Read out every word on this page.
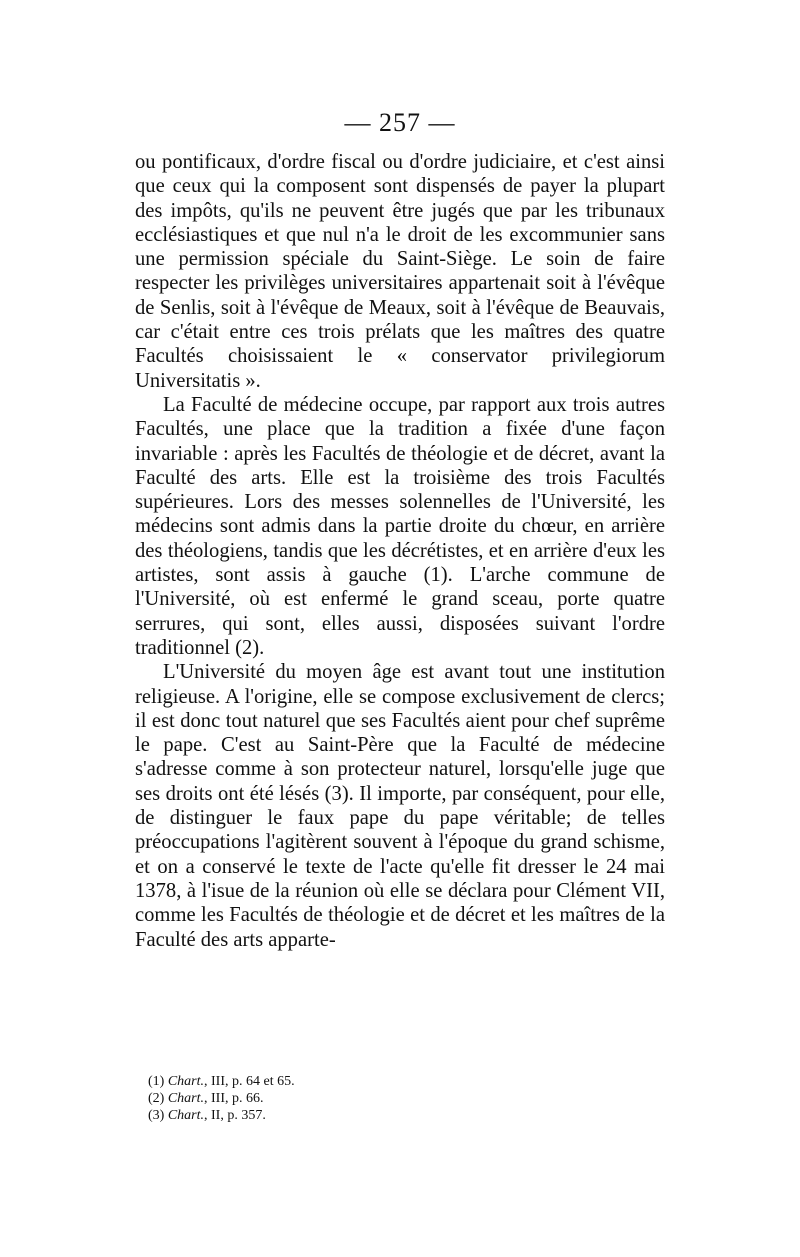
— 257 —

ou pontificaux, d'ordre fiscal ou d'ordre judiciaire, et c'est ainsi que ceux qui la composent sont dispensés de payer la plupart des impôts, qu'ils ne peuvent être jugés que par les tribunaux ecclésiastiques et que nul n'a le droit de les excommunier sans une permission spéciale du Saint-Siège. Le soin de faire respecter les privilèges universitaires appartenait soit à l'évêque de Senlis, soit à l'évêque de Meaux, soit à l'évêque de Beauvais, car c'était entre ces trois prélats que les maîtres des quatre Facultés choisissaient le « conservator privilegiorum Universitatis ».

La Faculté de médecine occupe, par rapport aux trois autres Facultés, une place que la tradition a fixée d'une façon invariable : après les Facultés de théologie et de décret, avant la Faculté des arts. Elle est la troisième des trois Facultés supérieures. Lors des messes solennelles de l'Université, les médecins sont admis dans la partie droite du chœur, en arrière des théologiens, tandis que les décrétistes, et en arrière d'eux les artistes, sont assis à gauche (1). L'arche commune de l'Université, où est enfermé le grand sceau, porte quatre serrures, qui sont, elles aussi, disposées suivant l'ordre traditionnel (2).

L'Université du moyen âge est avant tout une institution religieuse. A l'origine, elle se compose exclusivement de clercs; il est donc tout naturel que ses Facultés aient pour chef suprême le pape. C'est au Saint-Père que la Faculté de médecine s'adresse comme à son protecteur naturel, lorsqu'elle juge que ses droits ont été lésés (3). Il importe, par conséquent, pour elle, de distinguer le faux pape du pape véritable; de telles préoccupations l'agitèrent souvent à l'époque du grand schisme, et on a conservé le texte de l'acte qu'elle fit dresser le 24 mai 1378, à l'isue de la réunion où elle se déclara pour Clément VII, comme les Facultés de théologie et de décret et les maîtres de la Faculté des arts apparte-

(1) Chart., III, p. 64 et 65.
(2) Chart., III, p. 66.
(3) Chart., II, p. 357.
